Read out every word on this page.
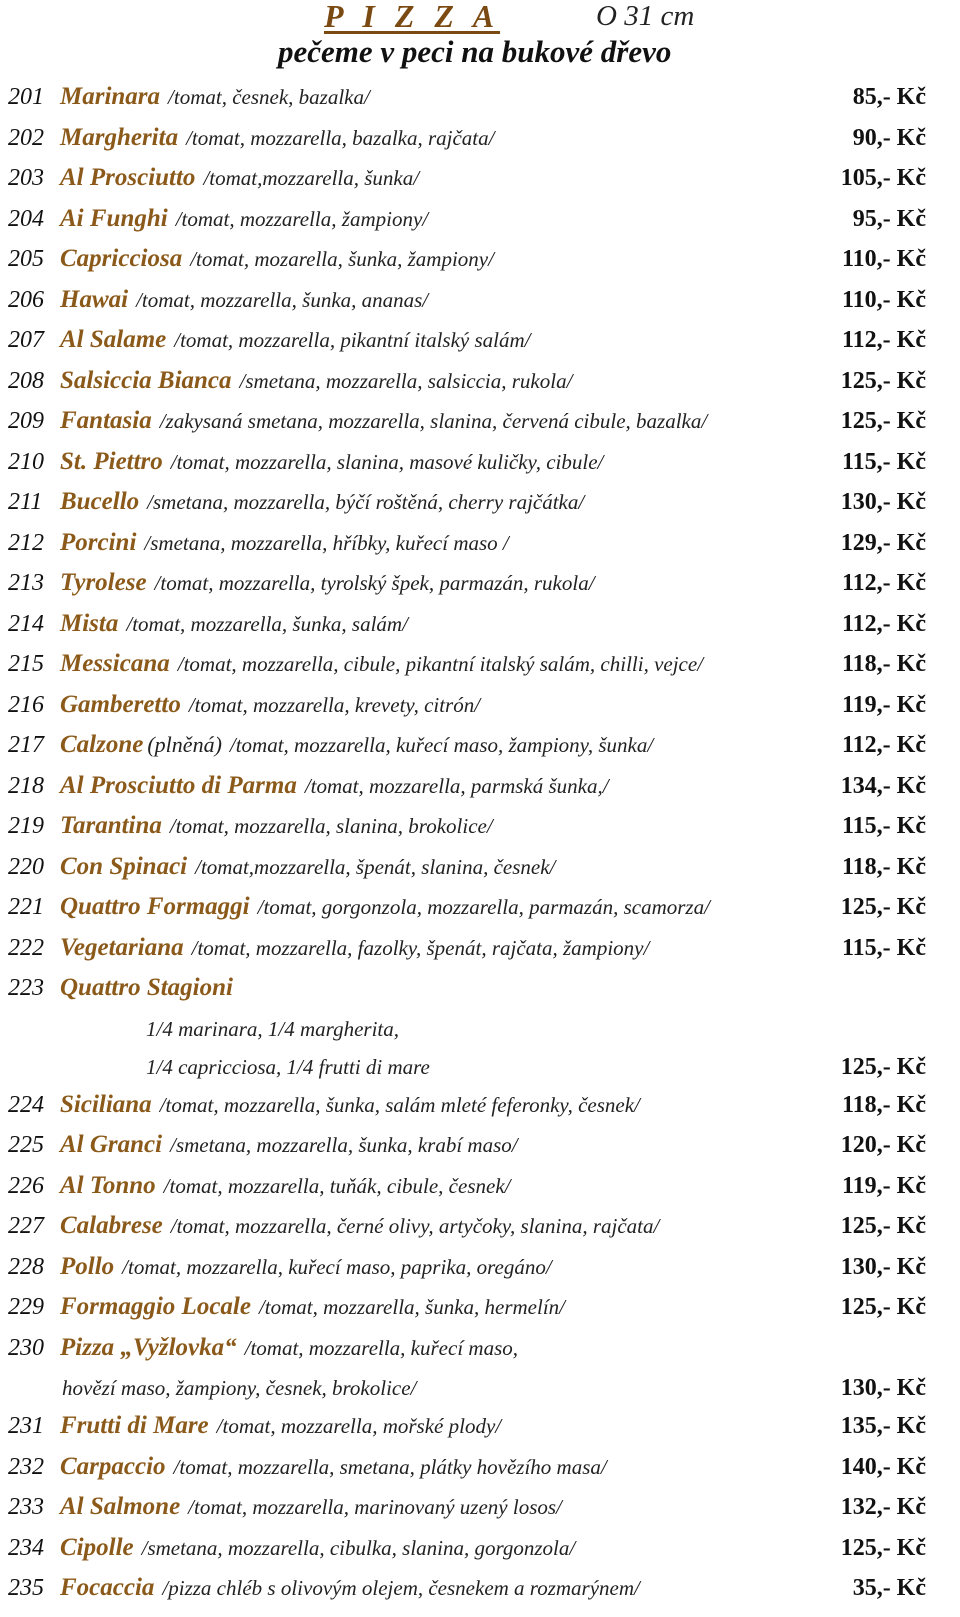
P I Z Z A	O 31 cm
pečeme v peci na bukové dřevo
201 Marinara /tomat, česnek, bazalka/	85,- Kč
202 Margherita /tomat, mozzarella, bazalka, rajčata/	90,- Kč
203 Al Prosciutto /tomat,mozzarella, šunka/	105,- Kč
204 Ai Funghi /tomat, mozzarella, žampiony/	95,- Kč
205 Capricciosa /tomat, mozarella, šunka, žampiony/	110,- Kč
206 Hawai /tomat, mozzarella, šunka, ananas/	110,- Kč
207 Al Salame /tomat, mozzarella, pikantní italský salám/	112,- Kč
208 Salsiccia Bianca /smetana, mozzarella, salsiccia, rukola/	125,- Kč
209 Fantasia /zakysaná smetana, mozzarella, slanina, červená cibule, bazalka/	125,- Kč
210 St. Piettro /tomat, mozzarella, slanina, masové kuličky, cibule/	115,- Kč
211 Bucello /smetana, mozzarella, býčí roštěná, cherry rajčátka/	130,- Kč
212 Porcini /smetana, mozzarella, hříbky, kuřecí maso /	129,- Kč
213 Tyrolese /tomat, mozzarella, tyrolský špek, parmazán, rukola/	112,- Kč
214 Mista /tomat, mozzarella, šunka, salám/	112,- Kč
215 Messicana /tomat, mozzarella, cibule, pikantní italský salám, chilli, vejce/	118,- Kč
216 Gamberetto /tomat, mozzarella, krevety, citrón/	119,- Kč
217 Calzone (plněná) /tomat, mozzarella, kuřecí maso, žampiony, šunka/	112,- Kč
218 Al Prosciutto di Parma /tomat, mozzarella, parmská šunka,/	134,- Kč
219 Tarantina /tomat, mozzarella, slanina, brokolice/	115,- Kč
220 Con Spinaci /tomat,mozzarella, špenát, slanina, česnek/	118,- Kč
221 Quattro Formaggi /tomat, gorgonzola, mozzarella, parmazán, scamorza/	125,- Kč
222 Vegetariana /tomat, mozzarella, fazolky, špenát, rajčata, žampiony/	115,- Kč
223 Quattro Stagioni
1/4 marinara, 1/4 margherita,
1/4 capricciosa, 1/4 frutti di mare	125,- Kč
224 Siciliana /tomat, mozzarella, šunka, salám mleté feferonky, česnek/	118,- Kč
225 Al Granci /smetana, mozzarella, šunka, krabí maso/	120,- Kč
226 Al Tonno /tomat, mozzarella, tuňák, cibule, česnek/	119,- Kč
227 Calabrese /tomat, mozzarella, černé olivy, artyčoky, slanina, rajčata/	125,- Kč
228 Pollo /tomat, mozzarella, kuřecí maso, paprika, oregáno/	130,- Kč
229 Formaggio Locale /tomat, mozzarella, šunka, hermelín/	125,- Kč
230 Pizza „Vyžlovka“ /tomat, mozzarella, kuřecí maso,
hovězí maso, žampiony, česnek, brokolice/	130,- Kč
231 Frutti di Mare /tomat, mozzarella, mořské plody/	135,- Kč
232 Carpaccio /tomat, mozzarella, smetana, plátky hovězího masa/	140,- Kč
233 Al Salmone /tomat, mozzarella, marinovaný uzený losos/	132,- Kč
234 Cipolle /smetana, mozzarella, cibulka, slanina, gorgonzola/	125,- Kč
235 Focaccia /pizza chléb s olivovým olejem, česnekem a rozmarýnem/	35,- Kč
